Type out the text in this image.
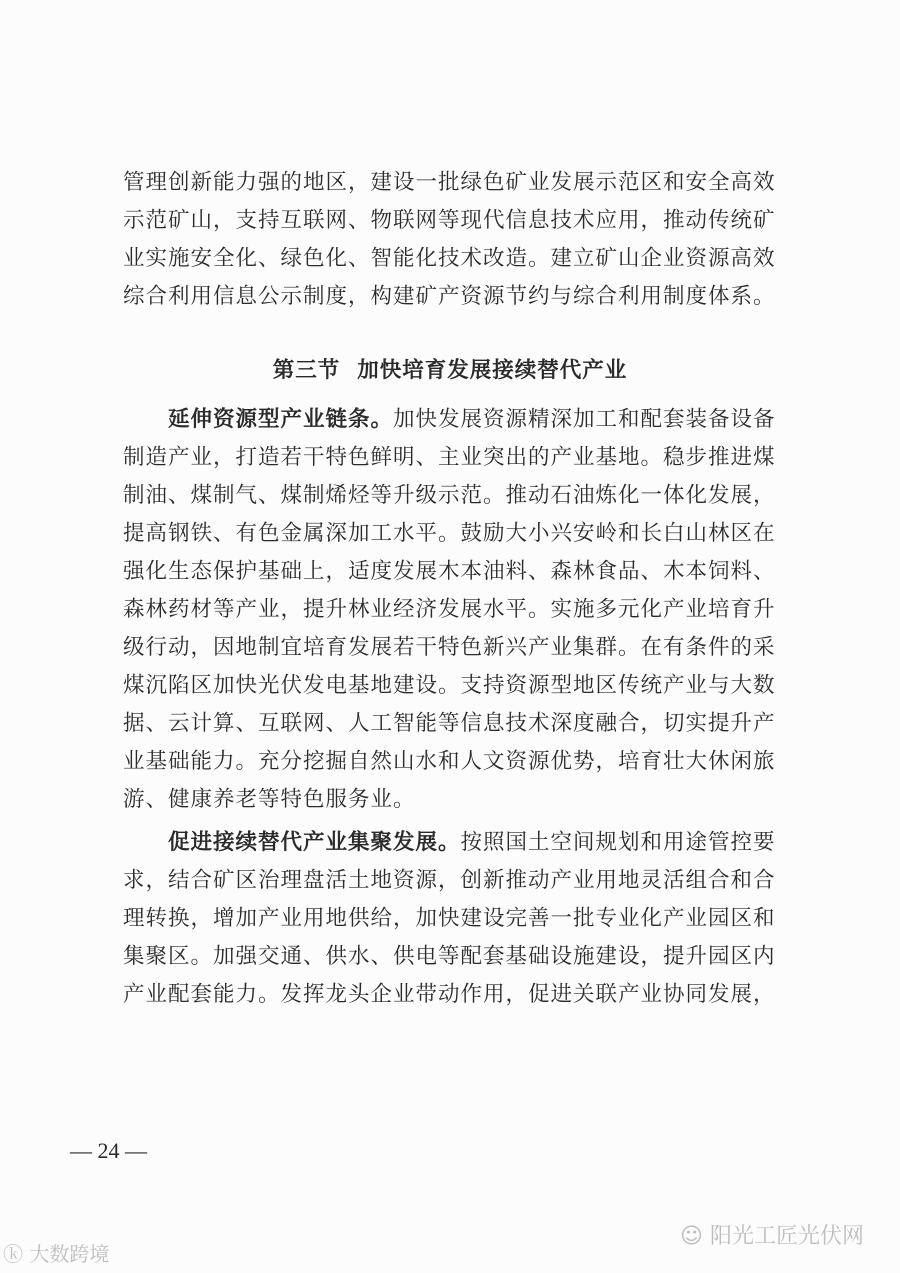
管理创新能力强的地区，建设一批绿色矿业发展示范区和安全高效
示范矿山，支持互联网、物联网等现代信息技术应用，推动传统矿
业实施安全化、绿色化、智能化技术改造。建立矿山企业资源高效
综合利用信息公示制度，构建矿产资源节约与综合利用制度体系。
第三节  加快培育发展接续替代产业
延伸资源型产业链条。加快发展资源精深加工和配套装备设备
制造产业，打造若干特色鲜明、主业突出的产业基地。稳步推进煤
制油、煤制气、煤制烯烃等升级示范。推动石油炼化一体化发展，
提高钢铁、有色金属深加工水平。鼓励大小兴安岭和长白山林区在
强化生态保护基础上，适度发展木本油料、森林食品、木本饲料、
森林药材等产业，提升林业经济发展水平。实施多元化产业培育升
级行动，因地制宜培育发展若干特色新兴产业集群。在有条件的采
煤沉陷区加快光伏发电基地建设。支持资源型地区传统产业与大数
据、云计算、互联网、人工智能等信息技术深度融合，切实提升产
业基础能力。充分挖掘自然山水和人文资源优势，培育壮大休闲旅
游、健康养老等特色服务业。
促进接续替代产业集聚发展。按照国土空间规划和用途管控要
求，结合矿区治理盘活土地资源，创新推动产业用地灵活组合和合
理转换，增加产业用地供给，加快建设完善一批专业化产业园区和
集聚区。加强交通、供水、供电等配套基础设施建设，提升园区内
产业配套能力。发挥龙头企业带动作用，促进关联产业协同发展，
— 24 —
ⓚ 大数跨境
☺ 阳光工匠光伏网
